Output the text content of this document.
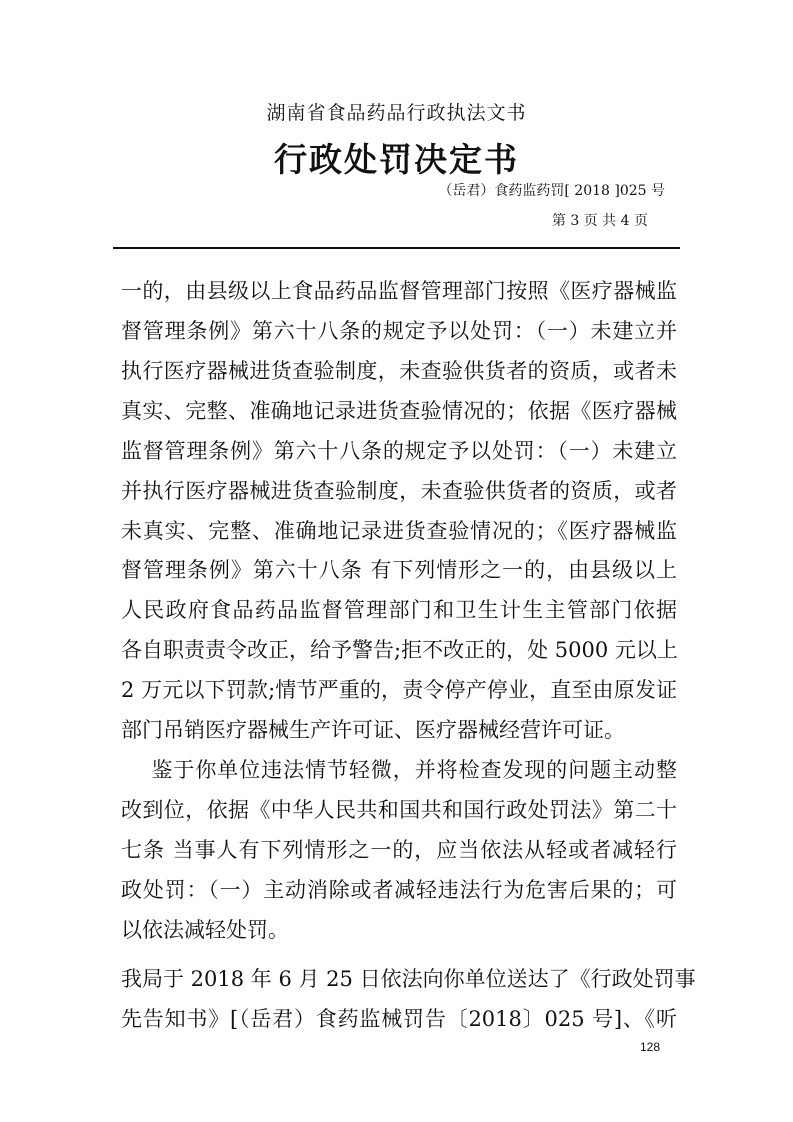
湖南省食品药品行政执法文书
行政处罚决定书
（岳君）食药监药罚[ 2018 ]025 号
第 3 页 共 4 页
一的，由县级以上食品药品监督管理部门按照《医疗器械监
督管理条例》第六十八条的规定予以处罚：（一）未建立并
执行医疗器械进货查验制度，未查验供货者的资质，或者未
真实、完整、准确地记录进货查验情况的；依据《医疗器械
监督管理条例》第六十八条的规定予以处罚：（一）未建立
并执行医疗器械进货查验制度，未查验供货者的资质，或者
未真实、完整、准确地记录进货查验情况的；《医疗器械监
督管理条例》第六十八条 有下列情形之一的，由县级以上
人民政府食品药品监督管理部门和卫生计生主管部门依据
各自职责责令改正，给予警告;拒不改正的，处 5000 元以上
2 万元以下罚款;情节严重的，责令停产停业，直至由原发证
部门吊销医疗器械生产许可证、医疗器械经营许可证。
鉴于你单位违法情节轻微，并将检查发现的问题主动整
改到位，依据《中华人民共和国共和国行政处罚法》第二十
七条 当事人有下列情形之一的，应当依法从轻或者减轻行
政处罚：（一）主动消除或者减轻违法行为危害后果的；可
以依法减轻处罚。
我局于 2018 年 6 月 25 日依法向你单位送达了《行政处罚事
先告知书》[（岳君）食药监械罚告〔2018〕025 号]、《听
128
